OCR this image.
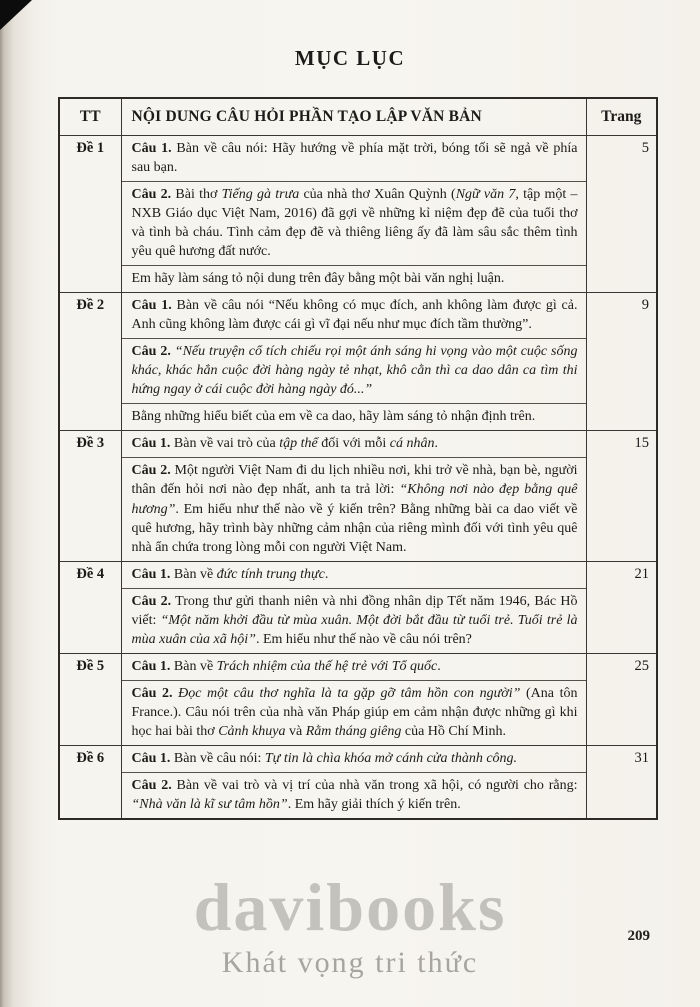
MỤC LỤC
TT	NỘI DUNG CÂU HỎI PHẦN TẠO LẬP VĂN BẢN	Trang
Đề 1	Câu 1. Bàn về câu nói: Hãy hướng về phía mặt trời, bóng tối sẽ ngả về phía sau bạn.
Câu 2. Bài thơ Tiếng gà trưa của nhà thơ Xuân Quỳnh (Ngữ văn 7, tập một – NXB Giáo dục Việt Nam, 2016) đã gợi về những kỉ niệm đẹp đẽ của tuổi thơ và tình bà cháu. Tình cảm đẹp đẽ và thiêng liêng ấy đã làm sâu sắc thêm tình yêu quê hương đất nước.
Em hãy làm sáng tỏ nội dung trên đây bằng một bài văn nghị luận.	5
Đề 2	Câu 1. Bàn về câu nói “Nếu không có mục đích, anh không làm được gì cả. Anh cũng không làm được cái gì vĩ đại nếu như mục đích tầm thường”.
Câu 2. “Nếu truyện cổ tích chiếu rọi một ánh sáng hi vọng vào một cuộc sống khác, khác hẳn cuộc đời hàng ngày tẻ nhạt, khô cằn thì ca dao dân ca tìm thi hứng ngay ở cái cuộc đời hàng ngày đó...”
Bằng những hiểu biết của em về ca dao, hãy làm sáng tỏ nhận định trên.	9
Đề 3	Câu 1. Bàn về vai trò của tập thể đối với mỗi cá nhân.
Câu 2. Một người Việt Nam đi du lịch nhiều nơi, khi trở về nhà, bạn bè, người thân đến hỏi nơi nào đẹp nhất, anh ta trả lời: “Không nơi nào đẹp bằng quê hương”. Em hiểu như thế nào về ý kiến trên? Bằng những bài ca dao viết về quê hương, hãy trình bày những cảm nhận của riêng mình đối với tình yêu quê nhà ẩn chứa trong lòng mỗi con người Việt Nam.	15
Đề 4	Câu 1. Bàn về đức tính trung thực.
Câu 2. Trong thư gửi thanh niên và nhi đồng nhân dịp Tết năm 1946, Bác Hồ viết: “Một năm khởi đầu từ mùa xuân. Một đời bắt đầu từ tuổi trẻ. Tuổi trẻ là mùa xuân của xã hội”. Em hiểu như thế nào về câu nói trên?	21
Đề 5	Câu 1. Bàn về Trách nhiệm của thế hệ trẻ với Tổ quốc.
Câu 2. Đọc một câu thơ nghĩa là ta gặp gỡ tâm hồn con người” (Ana tôn France.). Câu nói trên của nhà văn Pháp giúp em cảm nhận được những gì khi học hai bài thơ Cảnh khuya và Rằm tháng giêng của Hồ Chí Minh.	25
Đề 6	Câu 1. Bàn về câu nói: Tự tin là chìa khóa mở cánh cửa thành công.
Câu 2. Bàn về vai trò và vị trí của nhà văn trong xã hội, có người cho rằng: “Nhà văn là kĩ sư tâm hồn”. Em hãy giải thích ý kiến trên.	31
davibooks
Khát vọng tri thức
209
